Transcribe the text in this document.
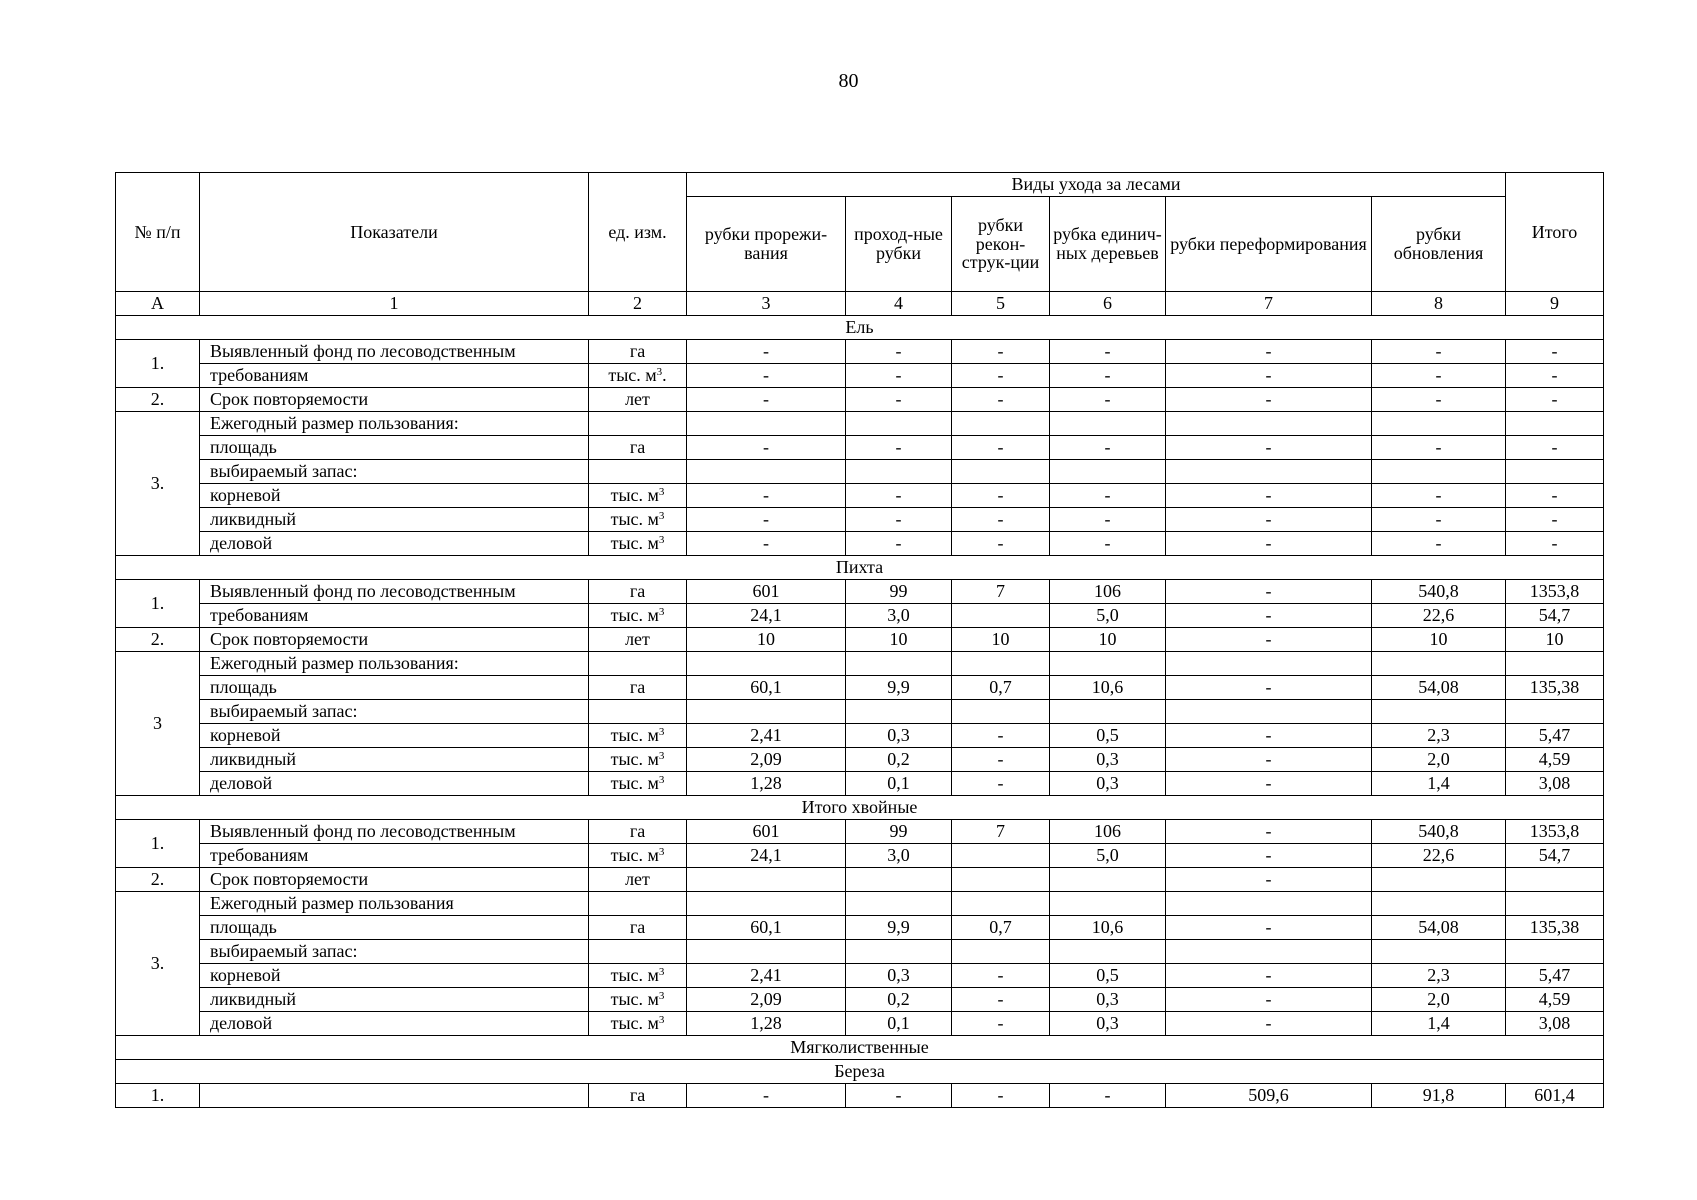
80
№ п/п	Показатели	ед. изм.	Виды ухода за лесами						Итого
			рубки прорежи-вания	проход-ные рубки	рубки рекон-струк-ции	рубка единич-ных деревьев	рубки переформирования	рубки обновления	
А	1	2	3	4	5	6	7	8	9
Ель									
1.	Выявленный фонд по лесоводственным	га	-	-	-	-	-	-	-
	требованиям	тыс. $м^3$.	-	-	-	-	-	-	-
2.	Срок повторяемости	лет	-	-	-	-	-	-	-
3.	Ежегодный размер пользования:								
	площадь	га	-	-	-	-	-	-	-
	выбираемый запас:								
	корневой	тыс. $м^3$	-	-	-	-	-	-	-
	ликвидный	тыс. $м^3$	-	-	-	-	-	-	-
	деловой	тыс. $м^3$	-	-	-	-	-	-	-
Пихта									
1.	Выявленный фонд по лесоводственным	га	601	99	7	106	-	540,8	1353,8
	требованиям	тыс. $м^3$	24,1	3,0		5,0	-	22,6	54,7
2.	Срок повторяемости	лет	10	10	10	10	-	10	10
3	Ежегодный размер пользования:								
	площадь	га	60,1	9,9	0,7	10,6	-	54,08	135,38
	выбираемый запас:								
	корневой	тыс. $м^3$	2,41	0,3	-	0,5	-	2,3	5,47
	ликвидный	тыс. $м^3$	2,09	0,2	-	0,3	-	2,0	4,59
	деловой	тыс. $м^3$	1,28	0,1	-	0,3	-	1,4	3,08
Итого хвойные									
1.	Выявленный фонд по лесоводственным	га	601	99	7	106	-	540,8	1353,8
	требованиям	тыс. $м^3$	24,1	3,0		5,0	-	22,6	54,7
2.	Срок повторяемости	лет					-		
3.	Ежегодный размер пользования								
	площадь	га	60,1	9,9	0,7	10,6	-	54,08	135,38
	выбираемый запас:								
	корневой	тыс. $м^3$	2,41	0,3	-	0,5	-	2,3	5,47
	ликвидный	тыс. $м^3$	2,09	0,2	-	0,3	-	2,0	4,59
	деловой	тыс. $м^3$	1,28	0,1	-	0,3	-	1,4	3,08
Мягколиственные									
Береза									
1.		га	-	-	-	-	509,6	91,8	601,4
